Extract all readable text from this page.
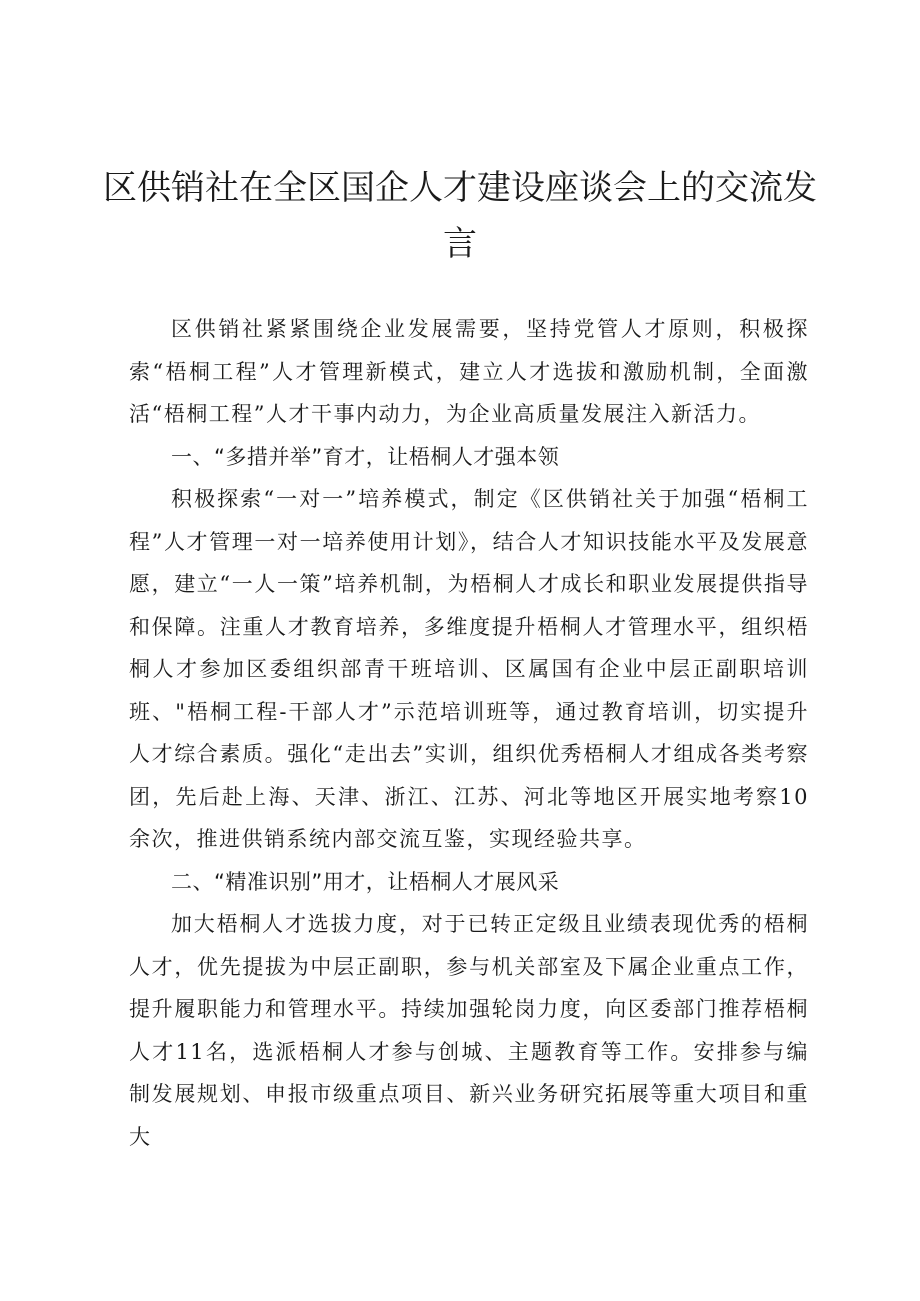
区供销社在全区国企人才建设座谈会上的交流发言

区供销社紧紧围绕企业发展需要，坚持党管人才原则，积极探索“梧桐工程”人才管理新模式，建立人才选拔和激励机制，全面激活“梧桐工程”人才干事内动力，为企业高质量发展注入新活力。

一、“多措并举”育才，让梧桐人才强本领

积极探索“一对一”培养模式，制定《区供销社关于加强“梧桐工程”人才管理一对一培养使用计划》，结合人才知识技能水平及发展意愿，建立“一人一策”培养机制，为梧桐人才成长和职业发展提供指导和保障。注重人才教育培养，多维度提升梧桐人才管理水平，组织梧桐人才参加区委组织部青干班培训、区属国有企业中层正副职培训班、"梧桐工程-干部人才”示范培训班等，通过教育培训，切实提升人才综合素质。强化“走出去”实训，组织优秀梧桐人才组成各类考察团，先后赴上海、天津、浙江、江苏、河北等地区开展实地考察10余次，推进供销系统内部交流互鉴，实现经验共享。

二、“精准识别”用才，让梧桐人才展风采

加大梧桐人才选拔力度，对于已转正定级且业绩表现优秀的梧桐人才，优先提拔为中层正副职，参与机关部室及下属企业重点工作，提升履职能力和管理水平。持续加强轮岗力度，向区委部门推荐梧桐人才11名，选派梧桐人才参与创城、主题教育等工作。安排参与编制发展规划、申报市级重点项目、新兴业务研究拓展等重大项目和重大
